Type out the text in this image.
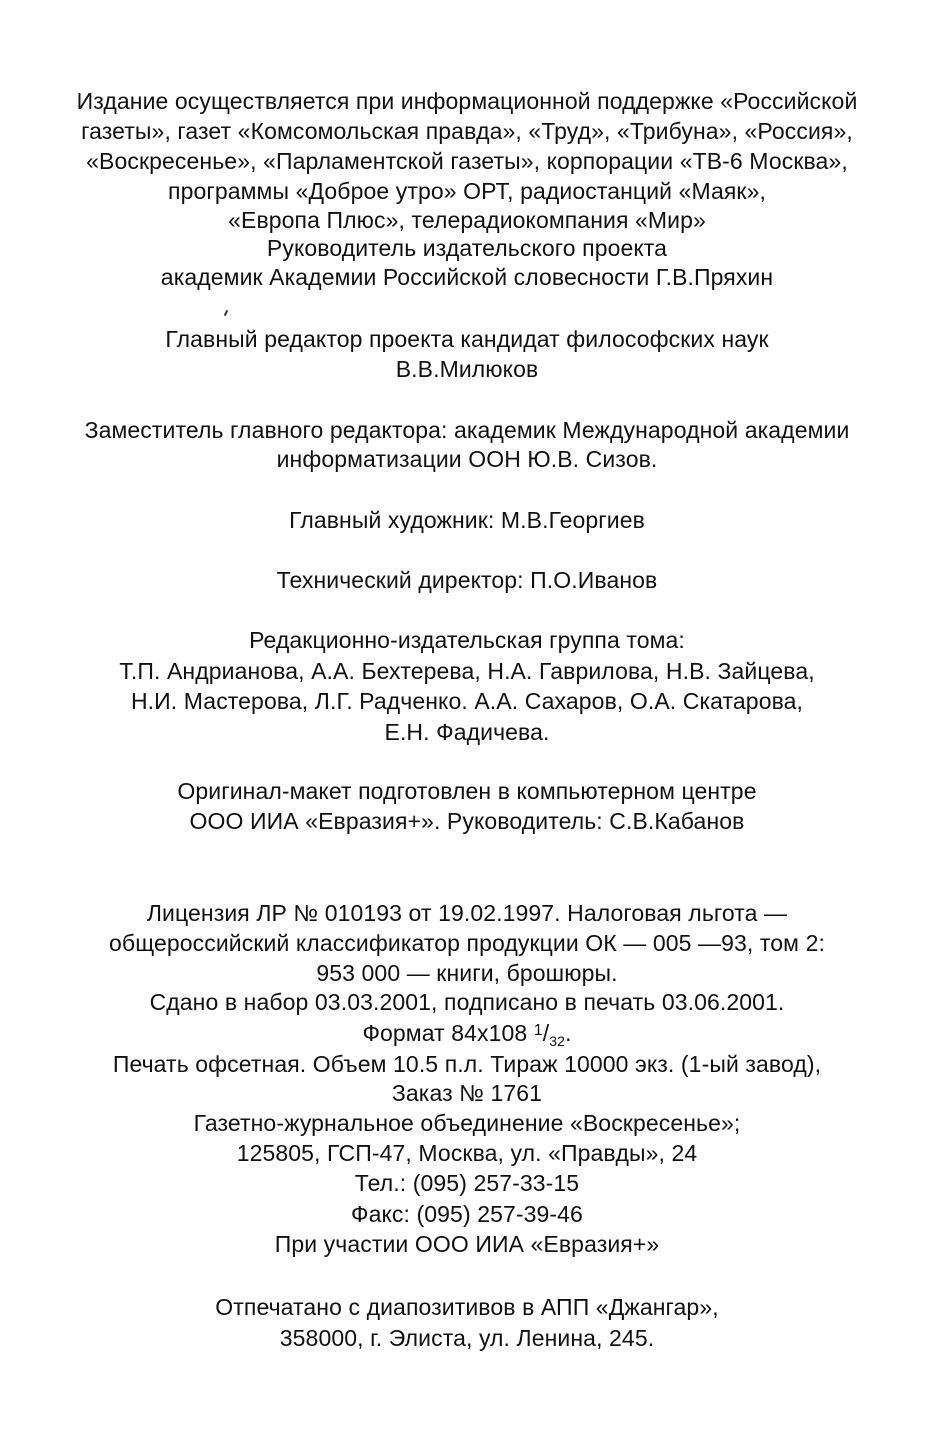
Издание осуществляется при информационной поддержке «Российской
газеты», газет «Комсомольская правда», «Труд», «Трибуна», «Россия»,
«Воскресенье», «Парламентской газеты», корпорации «ТВ-6 Москва»,
программы «Доброе утро» ОРТ, радиостанций «Маяк»,
«Европа Плюс», телерадиокомпания «Мир»
Руководитель издательского проекта
академик Академии Российской словесности Г.В.Пряхин
Главный редактор проекта кандидат философских наук
В.В.Милюков
Заместитель главного редактора: академик Международной академии
информатизации ООН Ю.В. Сизов.
Главный художник: М.В.Георгиев
Технический директор: П.О.Иванов
Редакционно-издательская группа тома:
Т.П. Андрианова, А.А. Бехтерева, Н.А. Гаврилова, Н.В. Зайцева,
Н.И. Мастерова, Л.Г. Радченко. А.А. Сахаров, О.А. Скатарова,
Е.Н. Фадичева.
Оригинал-макет подготовлен в компьютерном центре
ООО ИИА «Евразия+». Руководитель: С.В.Кабанов
Лицензия ЛР № 010193 от 19.02.1997. Налоговая льгота —
общероссийский классификатор продукции ОК — 005 —93, том 2:
953 000 — книги, брошюры.
Сдано в набор 03.03.2001, подписано в печать 03.06.2001.
Формат 84x108 $^1/_{32}$.
Печать офсетная. Объем 10.5 п.л. Тираж 10000 экз. (1-ый завод),
Заказ № 1761
Газетно-журнальное объединение «Воскресенье»;
125805, ГСП-47, Москва, ул. «Правды», 24
Тел.: (095) 257-33-15
Факс: (095) 257-39-46
При участии ООО ИИА «Евразия+»
Отпечатано с диапозитивов в АПП «Джангар»,
358000, г. Элиста, ул. Ленина, 245.
